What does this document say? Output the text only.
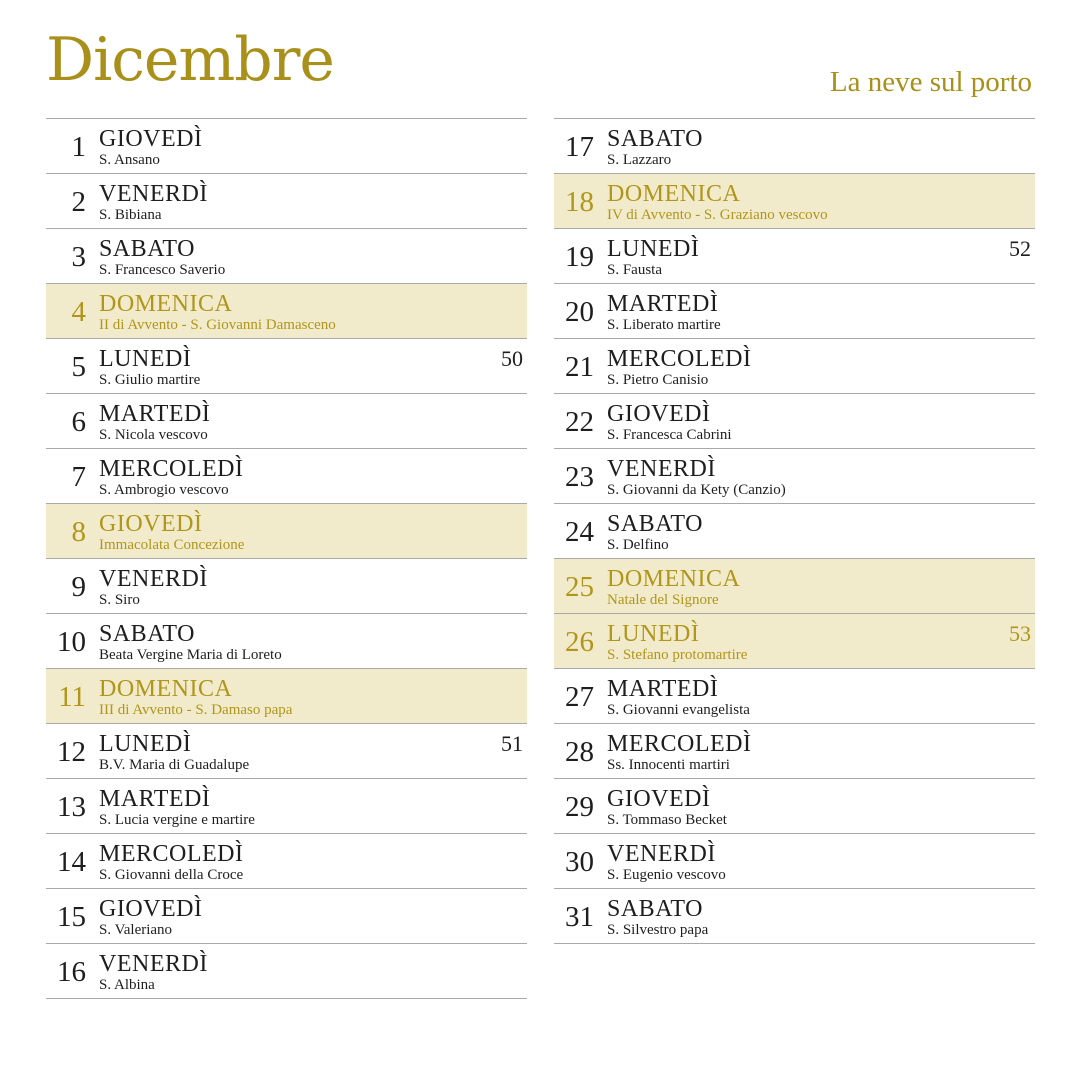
Dicembre	La neve sul porto
1 GIOVEDÌ
S. Ansano
2 VENERDÌ
S. Bibiana
3 SABATO
S. Francesco Saverio
4 DOMENICA
II di Avvento - S. Giovanni Damasceno
5 LUNEDÌ
S. Giulio martire
50
6 MARTEDÌ
S. Nicola vescovo
7 MERCOLEDÌ
S. Ambrogio vescovo
8 GIOVEDÌ
Immacolata Concezione
9 VENERDÌ
S. Siro
10 SABATO
Beata Vergine Maria di Loreto
11 DOMENICA
III di Avvento - S. Damaso papa
12 LUNEDÌ
B.V. Maria di Guadalupe
51
13 MARTEDÌ
S. Lucia vergine e martire
14 MERCOLEDÌ
S. Giovanni della Croce
15 GIOVEDÌ
S. Valeriano
16 VENERDÌ
S. Albina
17 SABATO
S. Lazzaro
18 DOMENICA
IV di Avvento - S. Graziano vescovo
19 LUNEDÌ
S. Fausta
52
20 MARTEDÌ
S. Liberato martire
21 MERCOLEDÌ
S. Pietro Canisio
22 GIOVEDÌ
S. Francesca Cabrini
23 VENERDÌ
S. Giovanni da Kety (Canzio)
24 SABATO
S. Delfino
25 DOMENICA
Natale del Signore
26 LUNEDÌ
S. Stefano protomartire
53
27 MARTEDÌ
S. Giovanni evangelista
28 MERCOLEDÌ
Ss. Innocenti martiri
29 GIOVEDÌ
S. Tommaso Becket
30 VENERDÌ
S. Eugenio vescovo
31 SABATO
S. Silvestro papa
